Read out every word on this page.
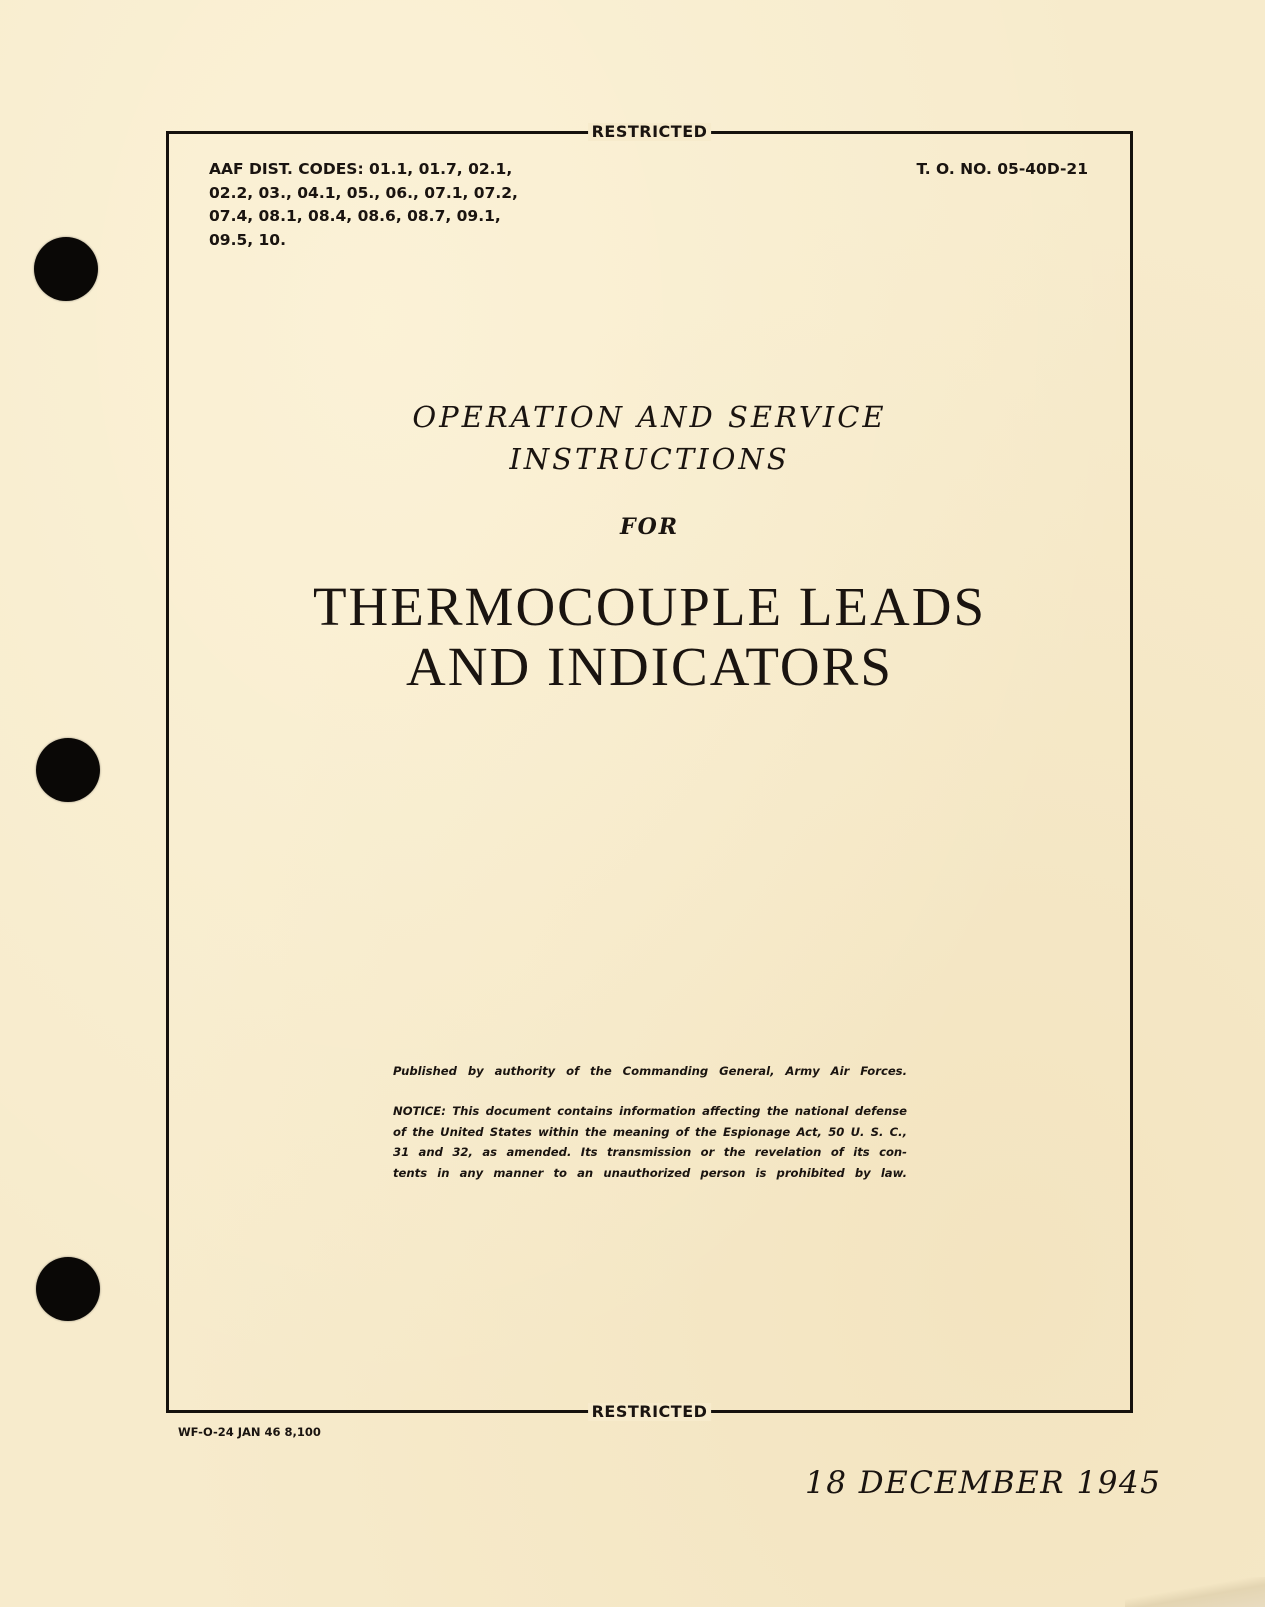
RESTRICTED
AAF DIST. CODES: 01.1, 01.7, 02.1,
02.2, 03., 04.1, 05., 06., 07.1, 07.2,
07.4, 08.1, 08.4, 08.6, 08.7, 09.1,
09.5, 10.
T. O. NO. 05-40D-21
OPERATION AND SERVICE
INSTRUCTIONS
FOR
THERMOCOUPLE LEADS
AND INDICATORS
Published by authority of the Commanding General, Army Air Forces.
NOTICE: This document contains information affecting the national defense
of the United States within the meaning of the Espionage Act, 50 U. S. C.,
31 and 32, as amended. Its transmission or the revelation of its con-
tents in any manner to an unauthorized person is prohibited by law.
RESTRICTED
WF-O-24 JAN 46 8,100
18 DECEMBER 1945
